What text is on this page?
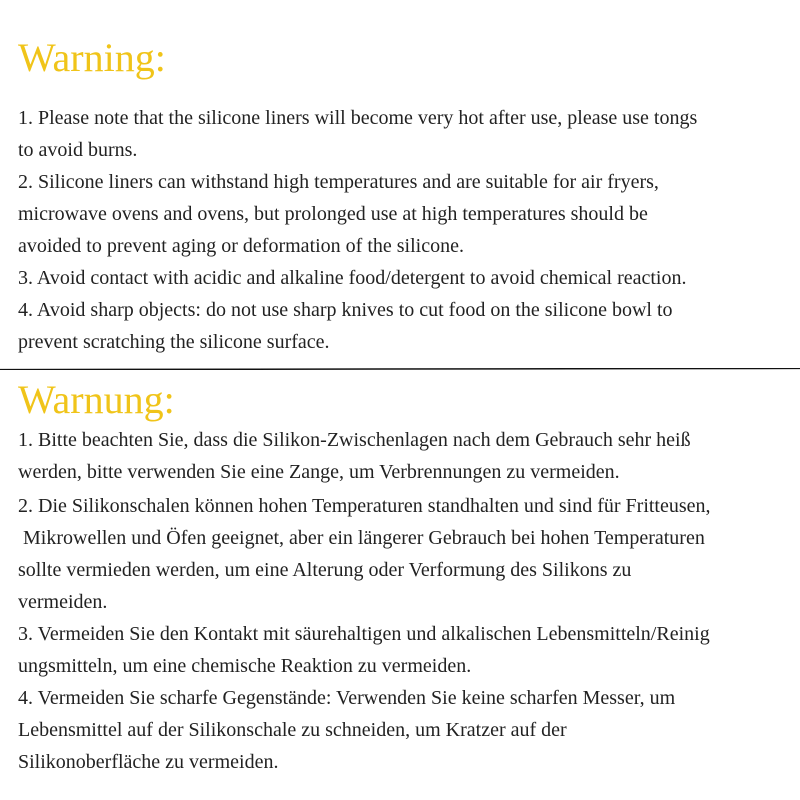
Warning:

1. Please note that the silicone liners will become very hot after use, please use tongs
to avoid burns.

2. Silicone liners can withstand high temperatures and are suitable for air fryers,
microwave ovens and ovens, but prolonged use at high temperatures should be
avoided to prevent aging or deformation of the silicone.

3. Avoid contact with acidic and alkaline food/detergent to avoid chemical reaction.

4. Avoid sharp objects: do not use sharp knives to cut food on the silicone bowl to
prevent scratching the silicone surface.

Warnung:

1. Bitte beachten Sie, dass die Silikon-Zwischenlagen nach dem Gebrauch sehr heiß
werden, bitte verwenden Sie eine Zange, um Verbrennungen zu vermeiden.

2. Die Silikonschalen können hohen Temperaturen standhalten und sind für Fritteusen,
Mikrowellen und Öfen geeignet, aber ein längerer Gebrauch bei hohen Temperaturen
sollte vermieden werden, um eine Alterung oder Verformung des Silikons zu
vermeiden.

3. Vermeiden Sie den Kontakt mit säurehaltigen und alkalischen Lebensmitteln/Reinig
ungsmitteln, um eine chemische Reaktion zu vermeiden.

4. Vermeiden Sie scharfe Gegenstände: Verwenden Sie keine scharfen Messer, um
Lebensmittel auf der Silikonschale zu schneiden, um Kratzer auf der
Silikonoberfläche zu vermeiden.
